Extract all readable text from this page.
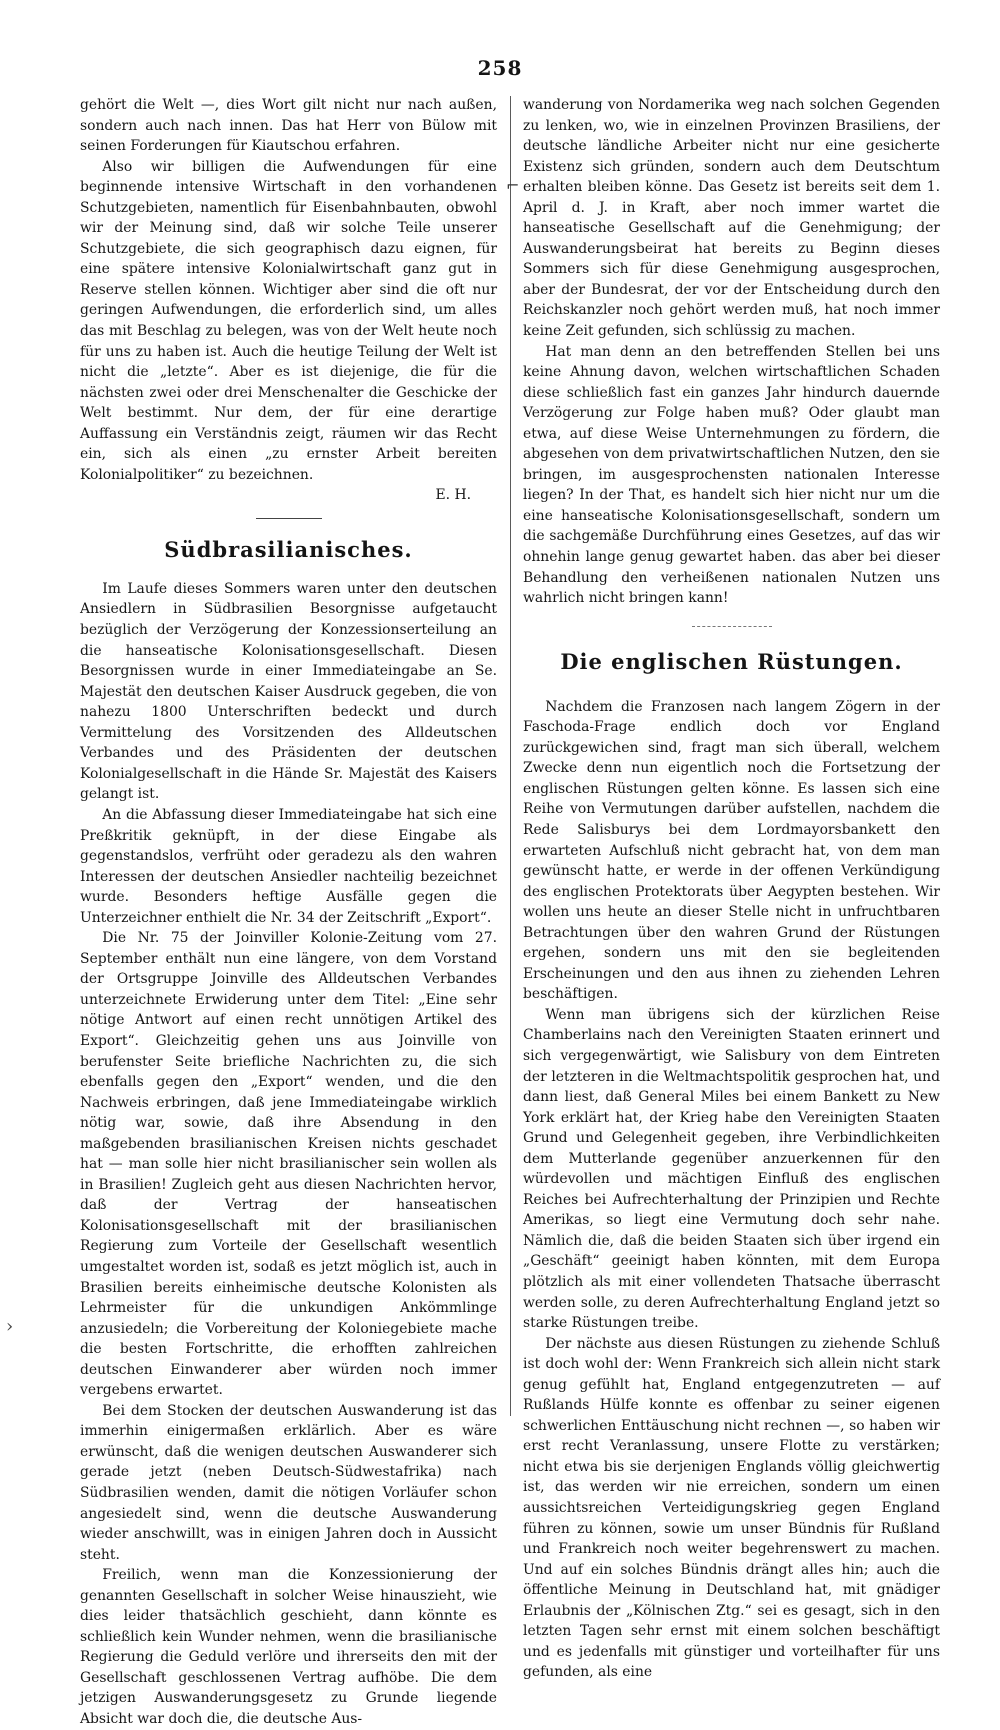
258
⌐
›

gehört die Welt —, dies Wort gilt nicht nur nach außen, sondern auch nach innen. Das hat Herr von Bülow mit seinen Forderungen für Kiautschou erfahren.

Also wir billigen die Aufwendungen für eine beginnende intensive Wirtschaft in den vorhandenen Schutzgebieten, namentlich für Eisenbahnbauten, obwohl wir der Meinung sind, daß wir solche Teile unserer Schutzgebiete, die sich geographisch dazu eignen, für eine spätere intensive Kolonialwirtschaft ganz gut in Reserve stellen können. Wichtiger aber sind die oft nur geringen Aufwendungen, die erforderlich sind, um alles das mit Beschlag zu belegen, was von der Welt heute noch für uns zu haben ist. Auch die heutige Teilung der Welt ist nicht die „letzte“. Aber es ist diejenige, die für die nächsten zwei oder drei Menschenalter die Geschicke der Welt bestimmt. Nur dem, der für eine derartige Auffassung ein Verständnis zeigt, räumen wir das Recht ein, sich als einen „zu ernster Arbeit bereiten Kolonialpolitiker“ zu bezeichnen.

E. H.
Südbrasilianisches.

Im Laufe dieses Sommers waren unter den deutschen Ansiedlern in Südbrasilien Besorgnisse aufgetaucht bezüglich der Verzögerung der Konzessionserteilung an die hanseatische Kolonisationsgesellschaft. Diesen Besorgnissen wurde in einer Immediateingabe an Se. Majestät den deutschen Kaiser Ausdruck gegeben, die von nahezu 1800 Unterschriften bedeckt und durch Vermittelung des Vorsitzenden des Alldeutschen Verbandes und des Präsidenten der deutschen Kolonialgesellschaft in die Hände Sr. Majestät des Kaisers gelangt ist.

An die Abfassung dieser Immediateingabe hat sich eine Preßkritik geknüpft, in der diese Eingabe als gegenstandslos, verfrüht oder geradezu als den wahren Interessen der deutschen Ansiedler nachteilig bezeichnet wurde. Besonders heftige Ausfälle gegen die Unterzeichner enthielt die Nr. 34 der Zeitschrift „Export“.

Die Nr. 75 der Joinviller Kolonie-Zeitung vom 27. September enthält nun eine längere, von dem Vorstand der Ortsgruppe Joinville des Alldeutschen Verbandes unterzeichnete Erwiderung unter dem Titel: „Eine sehr nötige Antwort auf einen recht unnötigen Artikel des Export“. Gleichzeitig gehen uns aus Joinville von berufenster Seite briefliche Nachrichten zu, die sich ebenfalls gegen den „Export“ wenden, und die den Nachweis erbringen, daß jene Immediateingabe wirklich nötig war, sowie, daß ihre Absendung in den maßgebenden brasilianischen Kreisen nichts geschadet hat — man solle hier nicht brasilianischer sein wollen als in Brasilien! Zugleich geht aus diesen Nachrichten hervor, daß der Vertrag der hanseatischen Kolonisationsgesellschaft mit der brasilianischen Regierung zum Vorteile der Gesellschaft wesentlich umgestaltet worden ist, sodaß es jetzt möglich ist, auch in Brasilien bereits einheimische deutsche Kolonisten als Lehrmeister für die unkundigen Ankömmlinge anzusiedeln; die Vorbereitung der Koloniegebiete mache die besten Fortschritte, die erhofften zahlreichen deutschen Einwanderer aber würden noch immer vergebens erwartet.

Bei dem Stocken der deutschen Auswanderung ist das immerhin einigermaßen erklärlich. Aber es wäre erwünscht, daß die wenigen deutschen Auswanderer sich gerade jetzt (neben Deutsch-Südwestafrika) nach Südbrasilien wenden, damit die nötigen Vorläufer schon angesiedelt sind, wenn die deutsche Auswanderung wieder anschwillt, was in einigen Jahren doch in Aussicht steht.

Freilich, wenn man die Konzessionierung der genannten Gesellschaft in solcher Weise hinauszieht, wie dies leider thatsächlich geschieht, dann könnte es schließlich kein Wunder nehmen, wenn die brasilianische Regierung die Geduld verlöre und ihrerseits den mit der Gesellschaft geschlossenen Vertrag aufhöbe. Die dem jetzigen Auswanderungsgesetz zu Grunde liegende Absicht war doch die, die deutsche Aus-

wanderung von Nordamerika weg nach solchen Gegenden zu lenken, wo, wie in einzelnen Provinzen Brasiliens, der deutsche ländliche Arbeiter nicht nur eine gesicherte Existenz sich gründen, sondern auch dem Deutschtum erhalten bleiben könne. Das Gesetz ist bereits seit dem 1. April d. J. in Kraft, aber noch immer wartet die hanseatische Gesellschaft auf die Genehmigung; der Auswanderungsbeirat hat bereits zu Beginn dieses Sommers sich für diese Genehmigung ausgesprochen, aber der Bundesrat, der vor der Entscheidung durch den Reichskanzler noch gehört werden muß, hat noch immer keine Zeit gefunden, sich schlüssig zu machen.

Hat man denn an den betreffenden Stellen bei uns keine Ahnung davon, welchen wirtschaftlichen Schaden diese schließlich fast ein ganzes Jahr hindurch dauernde Verzögerung zur Folge haben muß? Oder glaubt man etwa, auf diese Weise Unternehmungen zu fördern, die abgesehen von dem privatwirtschaftlichen Nutzen, den sie bringen, im ausgesprochensten nationalen Interesse liegen? In der That, es handelt sich hier nicht nur um die eine hanseatische Kolonisationsgesellschaft, sondern um die sachgemäße Durchführung eines Gesetzes, auf das wir ohnehin lange genug gewartet haben. das aber bei dieser Behandlung den verheißenen nationalen Nutzen uns wahrlich nicht bringen kann!

Die englischen Rüstungen.

Nachdem die Franzosen nach langem Zögern in der Faschoda-Frage endlich doch vor England zurückgewichen sind, fragt man sich überall, welchem Zwecke denn nun eigentlich noch die Fortsetzung der englischen Rüstungen gelten könne. Es lassen sich eine Reihe von Vermutungen darüber aufstellen, nachdem die Rede Salisburys bei dem Lordmayorsbankett den erwarteten Aufschluß nicht gebracht hat, von dem man gewünscht hatte, er werde in der offenen Verkündigung des englischen Protektorats über Aegypten bestehen. Wir wollen uns heute an dieser Stelle nicht in unfruchtbaren Betrachtungen über den wahren Grund der Rüstungen ergehen, sondern uns mit den sie begleitenden Erscheinungen und den aus ihnen zu ziehenden Lehren beschäftigen.

Wenn man übrigens sich der kürzlichen Reise Chamberlains nach den Vereinigten Staaten erinnert und sich vergegenwärtigt, wie Salisbury von dem Eintreten der letzteren in die Weltmachtspolitik gesprochen hat, und dann liest, daß General Miles bei einem Bankett zu New York erklärt hat, der Krieg habe den Vereinigten Staaten Grund und Gelegenheit gegeben, ihre Verbindlichkeiten dem Mutterlande gegenüber anzuerkennen für den würdevollen und mächtigen Einfluß des englischen Reiches bei Aufrechterhaltung der Prinzipien und Rechte Amerikas, so liegt eine Vermutung doch sehr nahe. Nämlich die, daß die beiden Staaten sich über irgend ein „Geschäft“ geeinigt haben könnten, mit dem Europa plötzlich als mit einer vollendeten Thatsache überrascht werden solle, zu deren Aufrechterhaltung England jetzt so starke Rüstungen treibe.

Der nächste aus diesen Rüstungen zu ziehende Schluß ist doch wohl der: Wenn Frankreich sich allein nicht stark genug gefühlt hat, England entgegenzutreten — auf Rußlands Hülfe konnte es offenbar zu seiner eigenen schwerlichen Enttäuschung nicht rechnen —, so haben wir erst recht Veranlassung, unsere Flotte zu verstärken; nicht etwa bis sie derjenigen Englands völlig gleichwertig ist, das werden wir nie erreichen, sondern um einen aussichtsreichen Verteidigungskrieg gegen England führen zu können, sowie um unser Bündnis für Rußland und Frankreich noch weiter begehrenswert zu machen. Und auf ein solches Bündnis drängt alles hin; auch die öffentliche Meinung in Deutschland hat, mit gnädiger Erlaubnis der „Kölnischen Ztg.“ sei es gesagt, sich in den letzten Tagen sehr ernst mit einem solchen beschäftigt und es jedenfalls mit günstiger und vorteilhafter für uns gefunden, als eine
